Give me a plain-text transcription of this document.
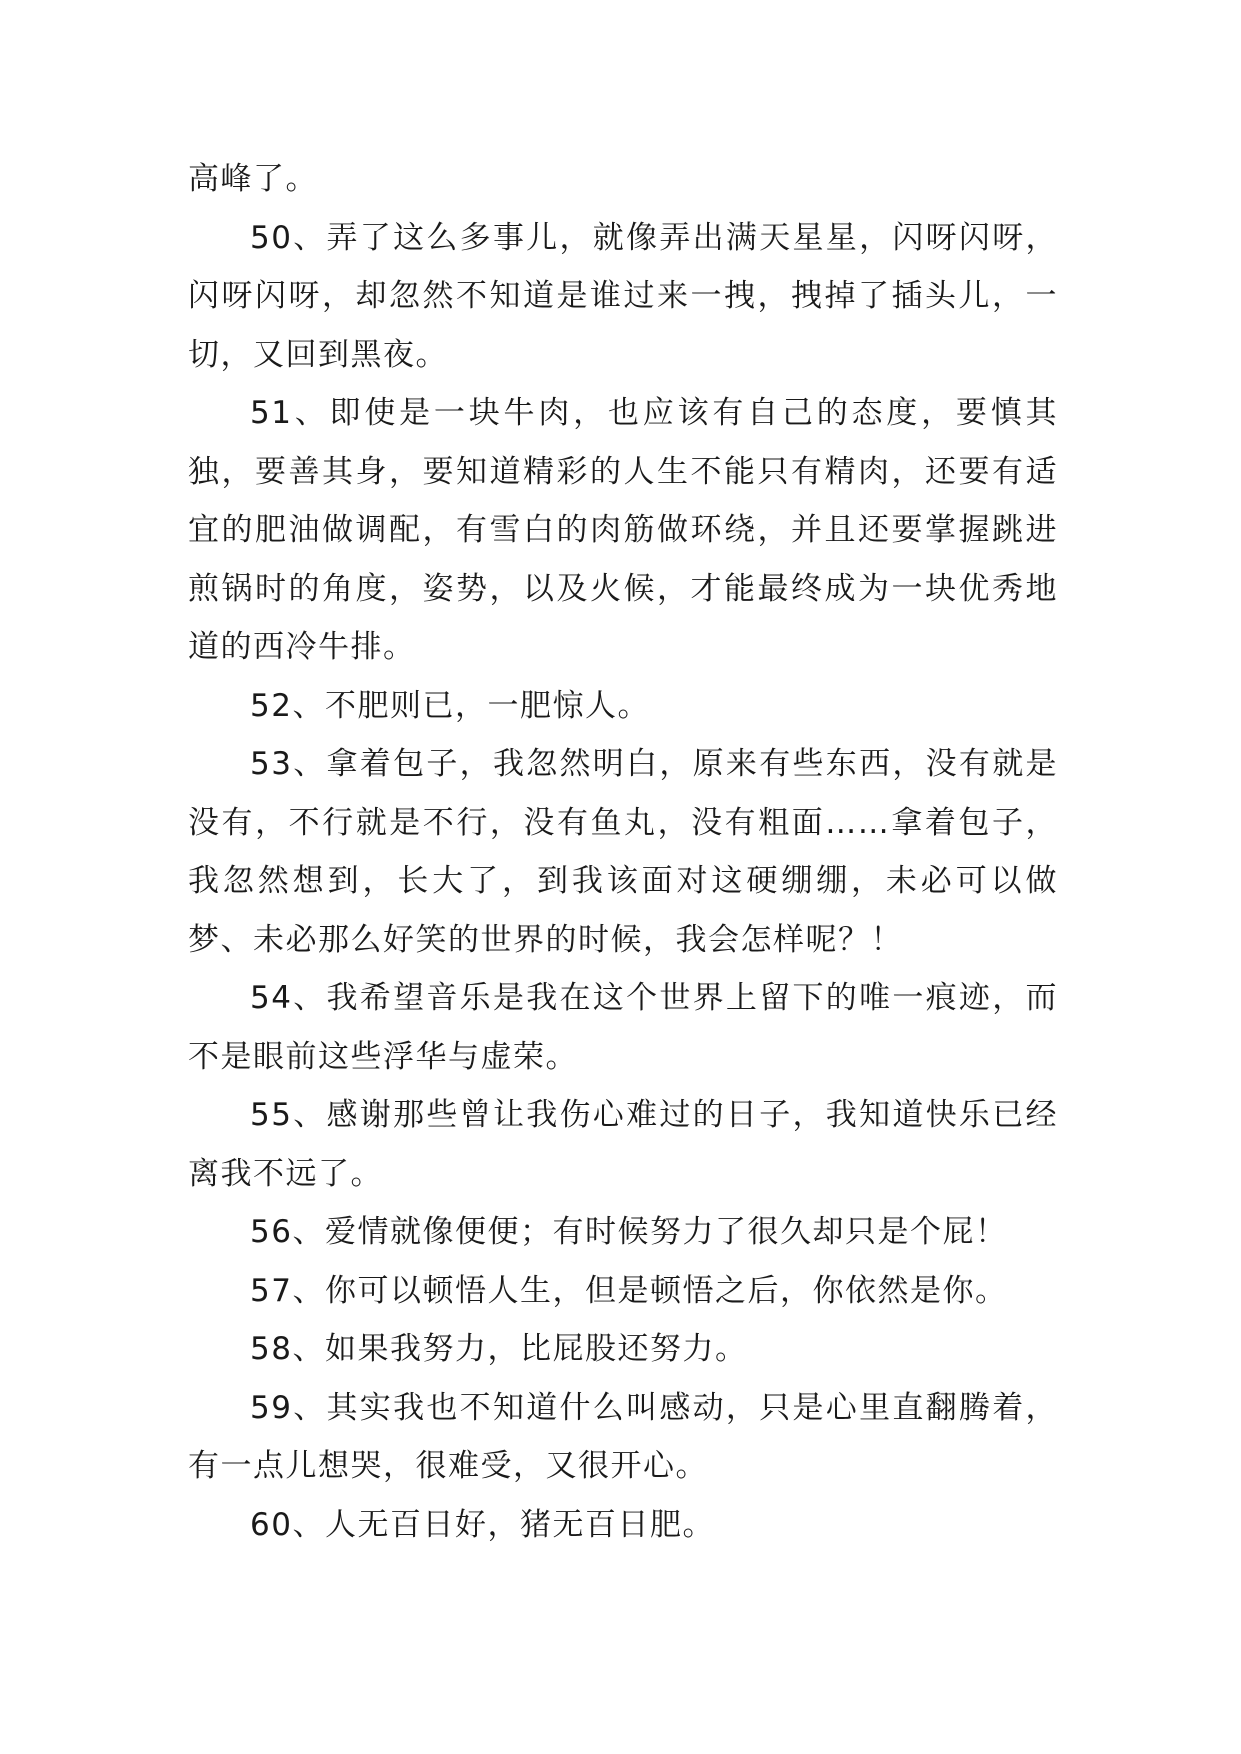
高峰了。

50、弄了这么多事儿，就像弄出满天星星，闪呀闪呀，闪呀闪呀，却忽然不知道是谁过来一拽，拽掉了插头儿，一切，又回到黑夜。

51、即使是一块牛肉，也应该有自己的态度，要慎其独，要善其身，要知道精彩的人生不能只有精肉，还要有适宜的肥油做调配，有雪白的肉筋做环绕，并且还要掌握跳进煎锅时的角度，姿势，以及火候，才能最终成为一块优秀地道的西冷牛排。

52、不肥则已，一肥惊人。

53、拿着包子，我忽然明白，原来有些东西，没有就是没有，不行就是不行，没有鱼丸，没有粗面……拿着包子，我忽然想到，长大了，到我该面对这硬绷绷，未必可以做梦、未必那么好笑的世界的时候，我会怎样呢？！

54、我希望音乐是我在这个世界上留下的唯一痕迹，而不是眼前这些浮华与虚荣。

55、感谢那些曾让我伤心难过的日子，我知道快乐已经离我不远了。

56、爱情就像便便；有时候努力了很久却只是个屁！

57、你可以顿悟人生，但是顿悟之后，你依然是你。

58、如果我努力，比屁股还努力。

59、其实我也不知道什么叫感动，只是心里直翻腾着，有一点儿想哭，很难受，又很开心。

60、人无百日好，猪无百日肥。
